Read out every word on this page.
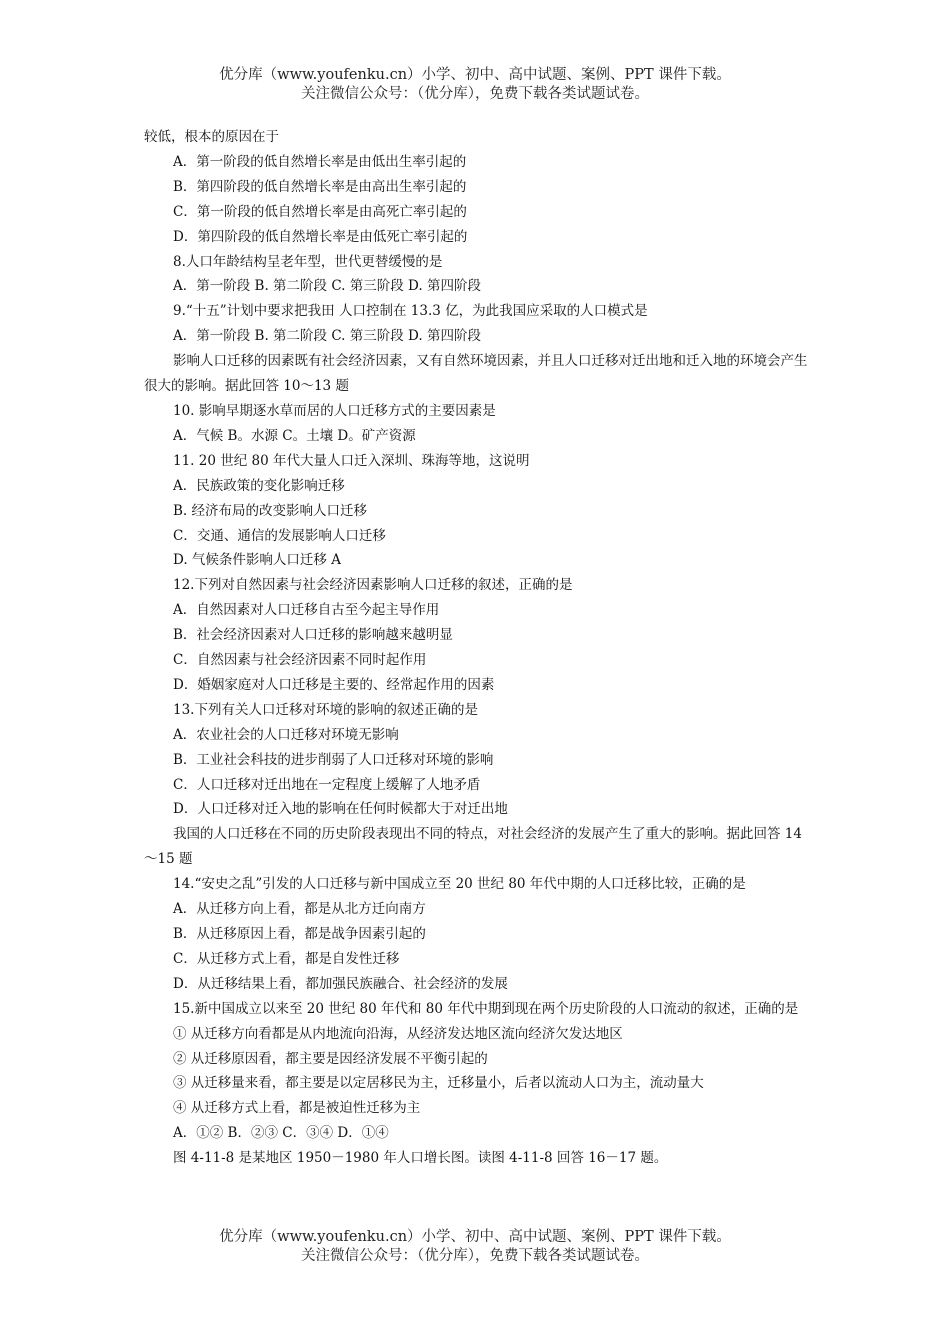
优分库（www.youfenku.cn）小学、初中、高中试题、案例、PPT 课件下载。
关注微信公众号：（优分库），免费下载各类试题试卷。
较低，根本的原因在于
A．第一阶段的低自然增长率是由低出生率引起的
B．第四阶段的低自然增长率是由高出生率引起的
C．第一阶段的低自然增长率是由高死亡率引起的
D．第四阶段的低自然增长率是由低死亡率引起的
8.人口年龄结构呈老年型，世代更替缓慢的是
A．第一阶段 B. 第二阶段 C. 第三阶段 D. 第四阶段
9.“十五”计划中要求把我田 人口控制在 13.3 亿，为此我国应采取的人口模式是
A．第一阶段 B. 第二阶段 C. 第三阶段 D. 第四阶段
影响人口迁移的因素既有社会经济因素，又有自然环境因素，并且人口迁移对迁出地和迁入地的环境会产生很大的影响。据此回答 10～13 题
10. 影响早期逐水草而居的人口迁移方式的主要因素是
A．气候 B。水源 C。土壤 D。矿产资源
11. 20 世纪 80 年代大量人口迁入深圳、珠海等地，这说明
A．民族政策的变化影响迁移
B. 经济布局的改变影响人口迁移
C．交通、通信的发展影响人口迁移
D. 气候条件影响人口迁移 A
12.下列对自然因素与社会经济因素影响人口迁移的叙述，正确的是
A．自然因素对人口迁移自古至今起主导作用
B．社会经济因素对人口迁移的影响越来越明显
C．自然因素与社会经济因素不同时起作用
D．婚姻家庭对人口迁移是主要的、经常起作用的因素
13.下列有关人口迁移对环境的影响的叙述正确的是
A．农业社会的人口迁移对环境无影响
B．工业社会科技的进步削弱了人口迁移对环境的影响
C．人口迁移对迁出地在一定程度上缓解了人地矛盾
D．人口迁移对迁入地的影响在任何时候都大于对迁出地
我国的人口迁移在不同的历史阶段表现出不同的特点，对社会经济的发展产生了重大的影响。据此回答 14～15 题
14.“安史之乱”引发的人口迁移与新中国成立至 20 世纪 80 年代中期的人口迁移比较，正确的是
A．从迁移方向上看，都是从北方迁向南方
B．从迁移原因上看，都是战争因素引起的
C．从迁移方式上看，都是自发性迁移
D．从迁移结果上看，都加强民族融合、社会经济的发展
15.新中国成立以来至 20 世纪 80 年代和 80 年代中期到现在两个历史阶段的人口流动的叙述，正确的是
① 从迁移方向看都是从内地流向沿海，从经济发达地区流向经济欠发达地区
② 从迁移原因看，都主要是因经济发展不平衡引起的
③ 从迁移量来看，都主要是以定居移民为主，迁移量小，后者以流动人口为主，流动量大
④ 从迁移方式上看，都是被迫性迁移为主
A．①② B．②③ C．③④ D．①④
图 4-11-8 是某地区 1950－1980 年人口增长图。读图 4-11-8 回答 16－17 题。
优分库（www.youfenku.cn）小学、初中、高中试题、案例、PPT 课件下载。
关注微信公众号：（优分库），免费下载各类试题试卷。
